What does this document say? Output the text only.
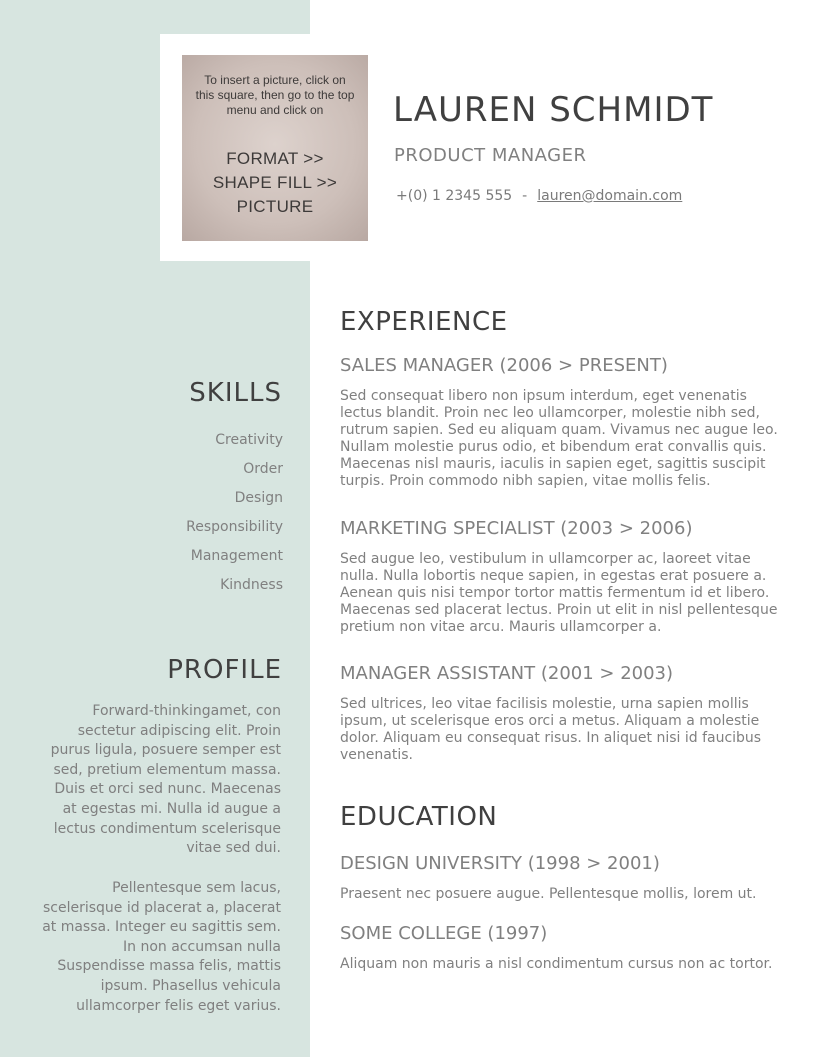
To insert a picture, click on this square, then go to the top menu and click on
FORMAT >>
SHAPE FILL >>
PICTURE
LAUREN SCHMIDT
PRODUCT MANAGER
+(0) 1 2345 555 - lauren@domain.com
SKILLS
Creativity
Order
Design
Responsibility
Management
Kindness
PROFILE

Forward-thinkingamet, con sectetur adipiscing elit. Proin purus ligula, posuere semper est sed, pretium elementum massa. Duis et orci sed nunc. Maecenas at egestas mi. Nulla id augue a lectus condimentum scelerisque vitae sed dui.

Pellentesque sem lacus, scelerisque id placerat a, placerat at massa. Integer eu sagittis sem. In non accumsan nulla Suspendisse massa felis, mattis ipsum. Phasellus vehicula ullamcorper felis eget varius.

EXPERIENCE
SALES MANAGER (2006 > PRESENT)

Sed consequat libero non ipsum interdum, eget venenatis lectus blandit. Proin nec leo ullamcorper, molestie nibh sed, rutrum sapien. Sed eu aliquam quam. Vivamus nec augue leo. Nullam molestie purus odio, et bibendum erat convallis quis. Maecenas nisl mauris, iaculis in sapien eget, sagittis suscipit turpis. Proin commodo nibh sapien, vitae mollis felis.

MARKETING SPECIALIST (2003 > 2006)

Sed augue leo, vestibulum in ullamcorper ac, laoreet vitae nulla. Nulla lobortis neque sapien, in egestas erat posuere a. Aenean quis nisi tempor tortor mattis fermentum id et libero. Maecenas sed placerat lectus. Proin ut elit in nisl pellentesque pretium non vitae arcu. Mauris ullamcorper a.

MANAGER ASSISTANT (2001 > 2003)

Sed ultrices, leo vitae facilisis molestie, urna sapien mollis ipsum, ut scelerisque eros orci a metus. Aliquam a molestie dolor. Aliquam eu consequat risus. In aliquet nisi id faucibus venenatis.

EDUCATION
DESIGN UNIVERSITY (1998 > 2001)

Praesent nec posuere augue. Pellentesque mollis, lorem ut.

SOME COLLEGE (1997)

Aliquam non mauris a nisl condimentum cursus non ac tortor.
